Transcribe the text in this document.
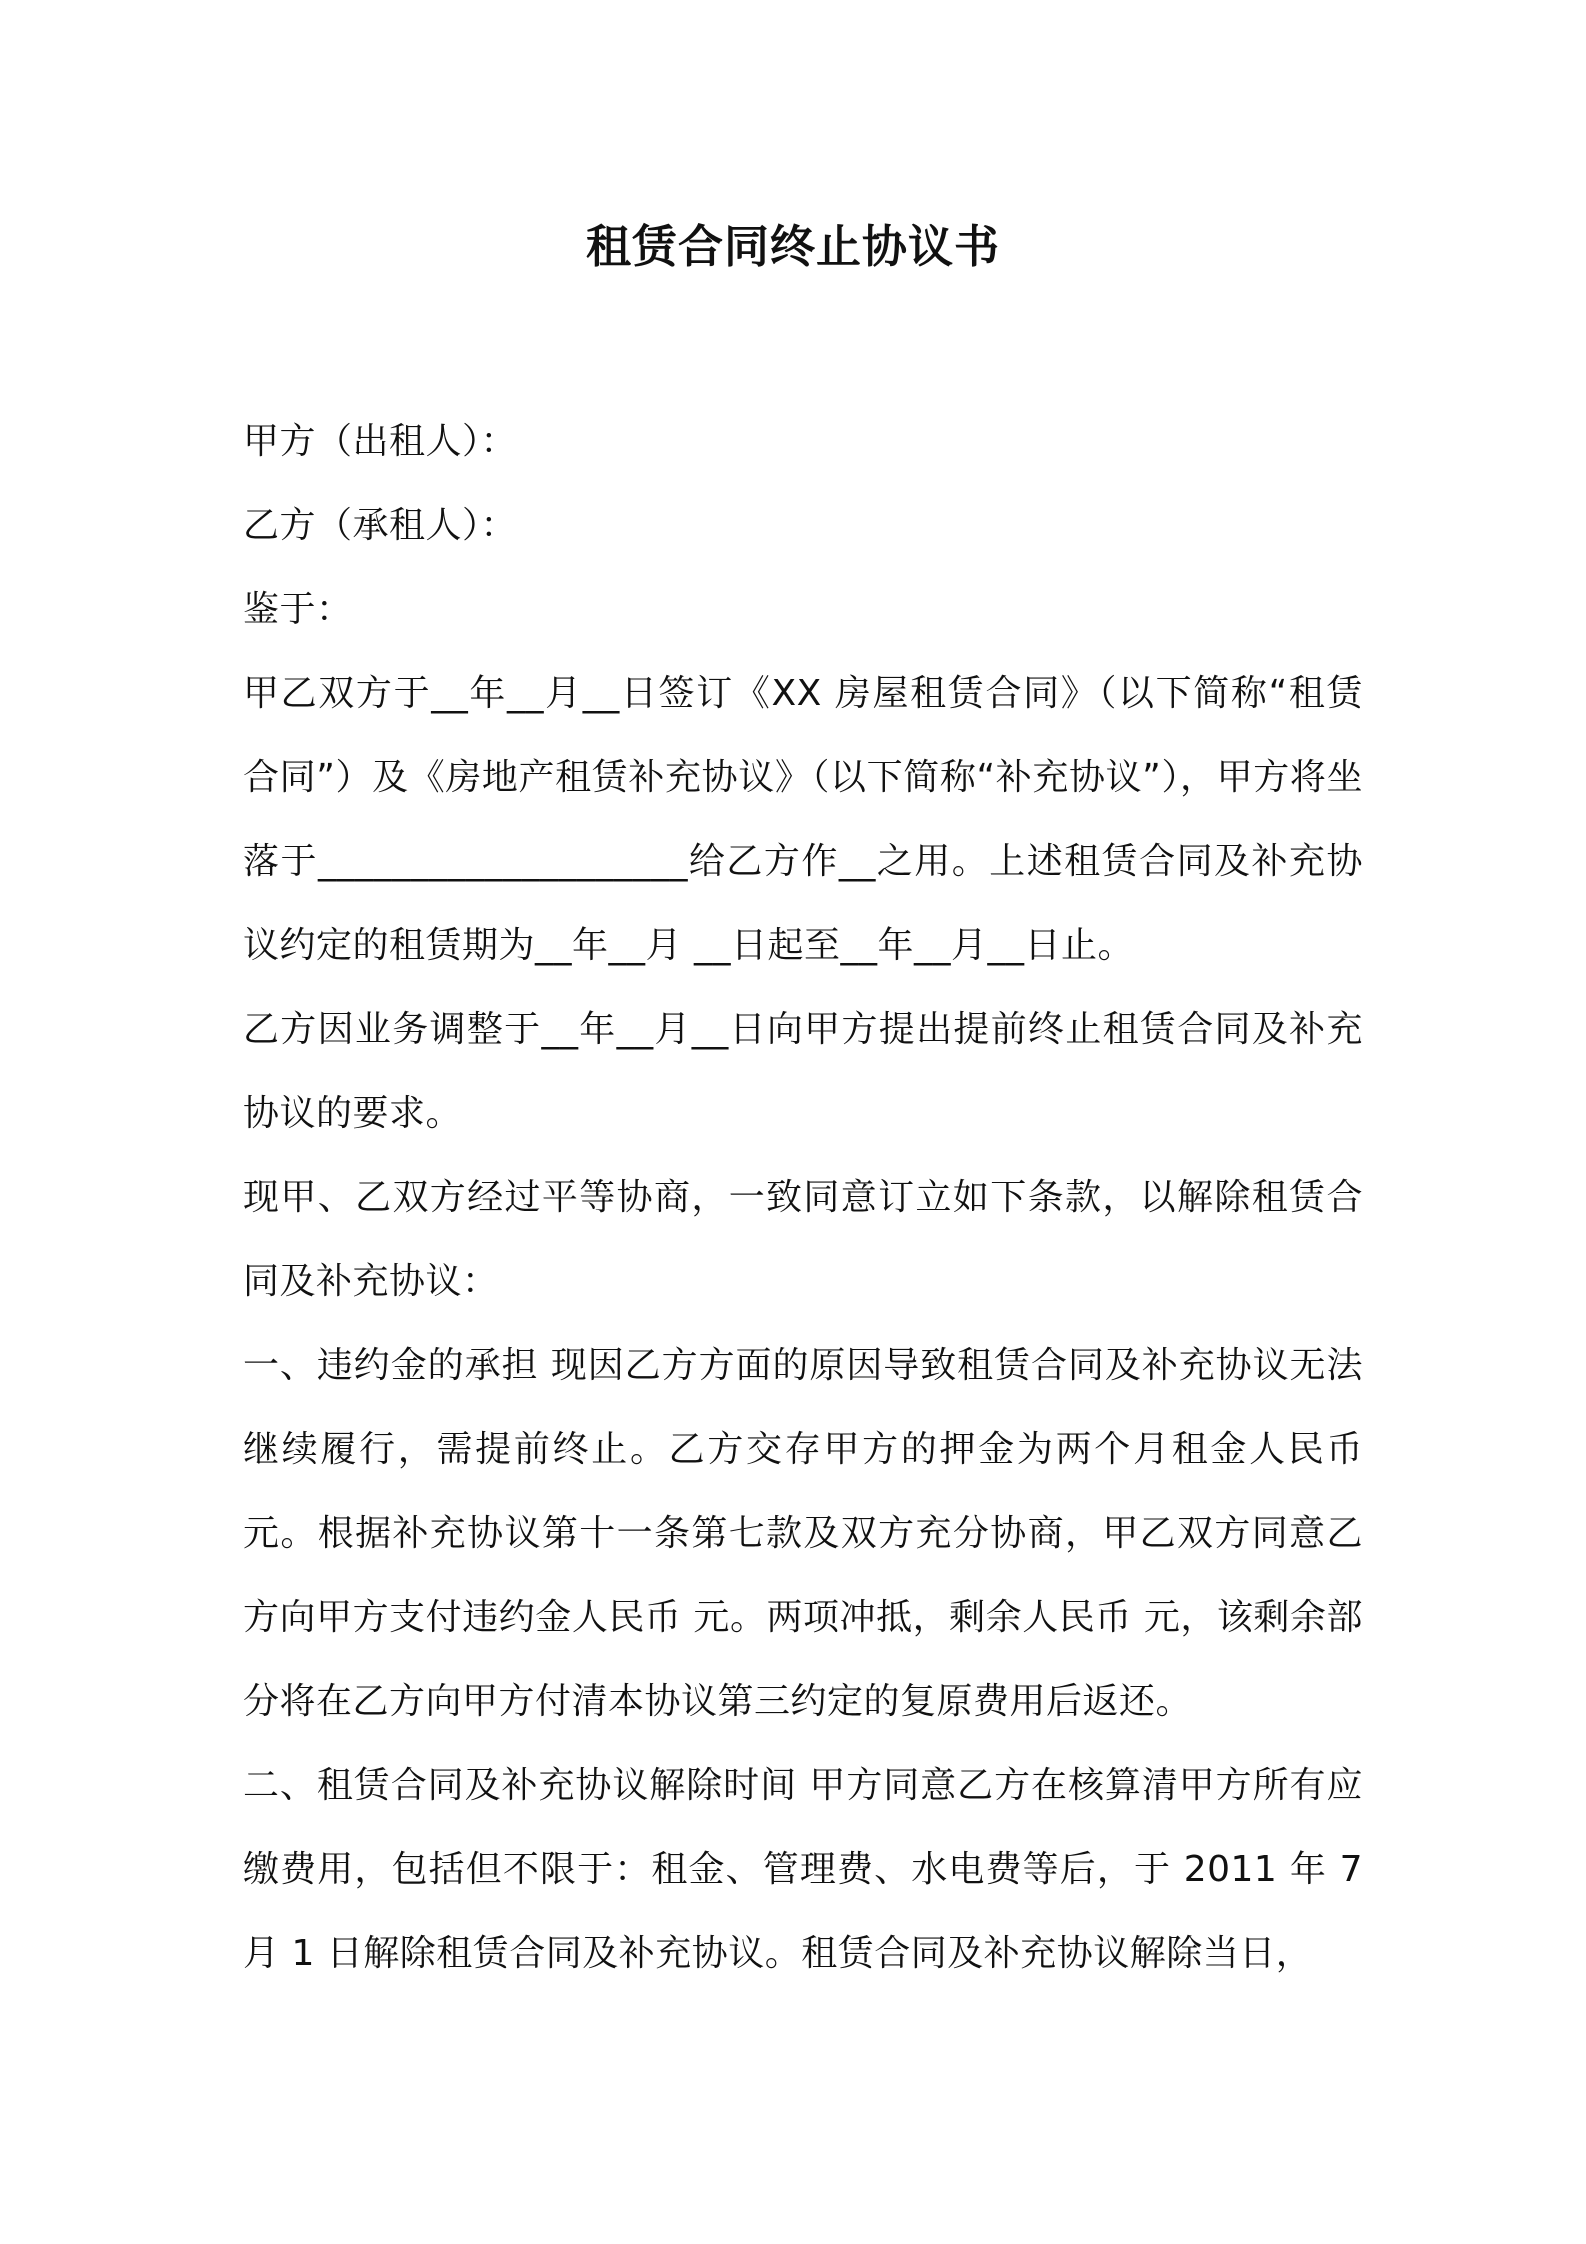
租赁合同终止协议书

甲方（出租人）：

乙方（承租人）：

鉴于：

甲乙双方于__年__月__日签订《XX 房屋租赁合同》（以下简称“租赁合同”）及《房地产租赁补充协议》（以下简称“补充协议”），甲方将坐落于____________________给乙方作__之用。上述租赁合同及补充协议约定的租赁期为__年__月 __日起至__年__月__日止。

乙方因业务调整于__年__月__日向甲方提出提前终止租赁合同及补充协议的要求。

现甲、乙双方经过平等协商，一致同意订立如下条款，以解除租赁合同及补充协议：

一、违约金的承担 现因乙方方面的原因导致租赁合同及补充协议无法继续履行，需提前终止。乙方交存甲方的押金为两个月租金人民币 元。根据补充协议第十一条第七款及双方充分协商，甲乙双方同意乙方向甲方支付违约金人民币 元。两项冲抵，剩余人民币 元，该剩余部分将在乙方向甲方付清本协议第三约定的复原费用后返还。

二、租赁合同及补充协议解除时间 甲方同意乙方在核算清甲方所有应缴费用，包括但不限于：租金、管理费、水电费等后，于 2011 年 7 月 1 日解除租赁合同及补充协议。租赁合同及补充协议解除当日，
